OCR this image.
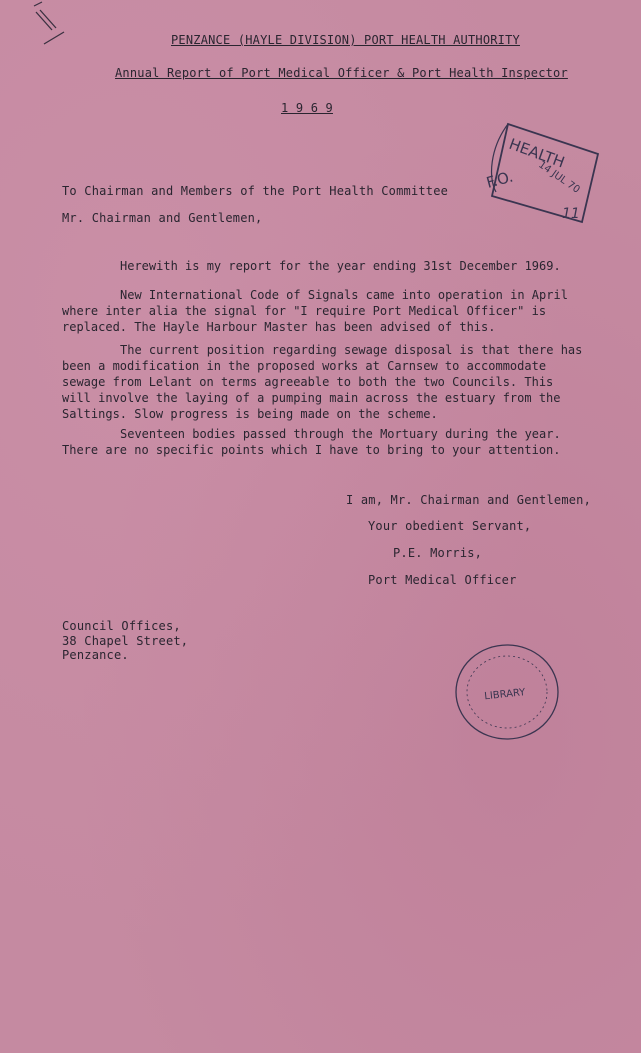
PENZANCE (HAYLE DIVISION) PORT HEALTH AUTHORITY
Annual Report of Port Medical Officer & Port Health Inspector
1 9 6 9
HEALTH
F.O. 14 JUL 70
11
To Chairman and Members of the Port Health Committee
Mr. Chairman and Gentlemen,
Herewith is my report for the year ending 31st December 1969.
New International Code of Signals came into operation in April where inter alia the signal for "I require Port Medical Officer" is replaced. The Hayle Harbour Master has been advised of this.
The current position regarding sewage disposal is that there has been a modification in the proposed works at Carnsew to accommodate sewage from Lelant on terms agreeable to both the two Councils. This will involve the laying of a pumping main across the estuary from the Saltings. Slow progress is being made on the scheme.
Seventeen bodies passed through the Mortuary during the year. There are no specific points which I have to bring to your attention.
I am, Mr. Chairman and Gentlemen,
Your obedient Servant,
P.E. Morris,
Port Medical Officer
Council Offices,
38 Chapel Street,
Penzance.
LIBRARY
